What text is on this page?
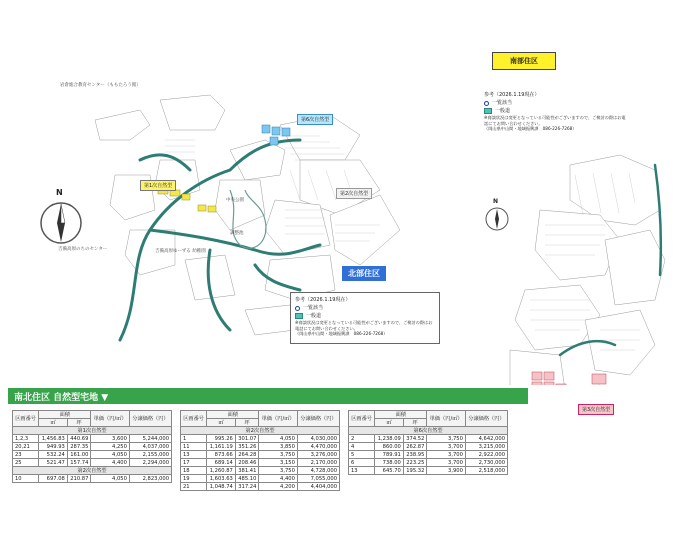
岩倉総合教育センター（ももたろう館）
吉備高原ゆーずる 幼稚園
吉備高原のちのセンター
中央公園
調整池
第1次自然型
第6次自然型
第2次自然型
北部住区
N
参考（2026.1.19現在）
一覧該当
一般道
※商談状況は変更となっている可能性がございますので、ご検討の際はお電話にてお問い合わせください。
（岡山県中山間・地域振興課　086-226-7268）
南部住区
参考（2026.1.19現在）
一覧該当
一般道
※商談状況は変更となっている可能性がございますので、ご検討の際はお電話にてお問い合わせください。
（岡山県中山間・地域振興課　086-226-7268）
N
第3次自然型
南北住区 自然型宅地 ▼
区画番号	面積		単価（円/㎡）	分譲価格（円）
	㎡	坪		
第1次自然型				
1,2,3	1,456.83	440.69	3,600	5,244,000
20,21	949.93	287.35	4,250	4,037,000
23	532.24	161.00	4,050	2,155,000
25	521.47	157.74	4,400	2,294,000
第2次自然型				
10	697.08	210.87	4,050	2,823,000
区画番号	面積		単価（円/㎡）	分譲価格（円）
	㎡	坪		
第2次自然型				
1	995.26	301.07	4,050	4,030,000
11	1,161.19	351.26	3,850	4,470,000
13	873.66	264.28	3,750	3,276,000
17	689.14	208.46	3,150	2,170,000
18	1,260.87	381.41	3,750	4,728,000
19	1,603.63	485.10	4,400	7,055,000
21	1,048.74	317.24	4,200	4,404,000
区画番号	面積		単価（円/㎡）	分譲価格（円）
	㎡	坪		
第6次自然型				
2	1,238.09	374.52	3,750	4,642,000
4	860.00	262.87	3,700	3,215,000
5	789.91	238.95	3,700	2,922,000
6	738.00	223.25	3,700	2,730,000
13	645.70	195.32	3,900	2,518,000
